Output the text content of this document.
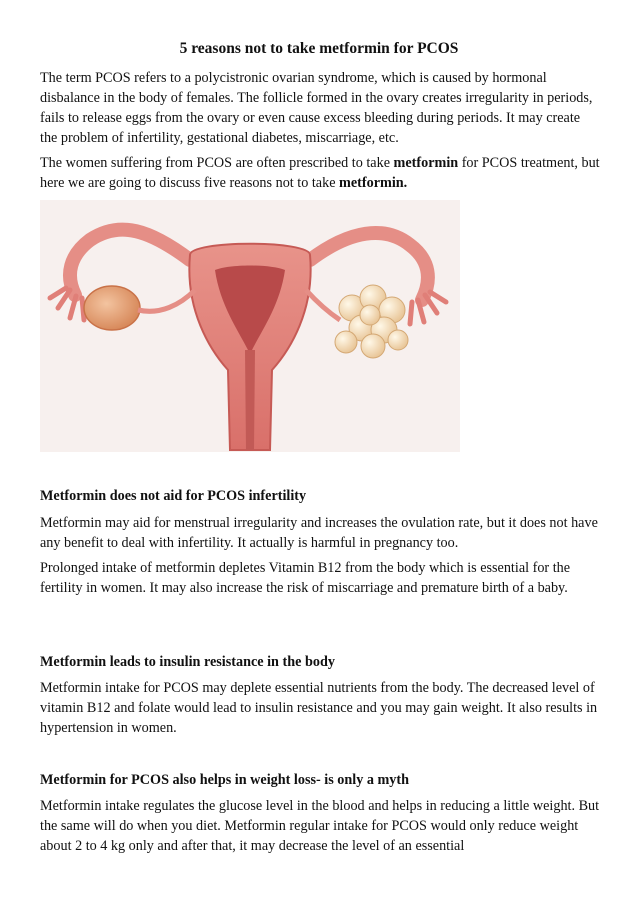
5 reasons not to take metformin for PCOS

The term PCOS refers to a polycistronic ovarian syndrome, which is caused by hormonal disbalance in the body of females. The follicle formed in the ovary creates irregularity in periods, fails to release eggs from the ovary or even cause excess bleeding during periods. It may create the problem of infertility, gestational diabetes, miscarriage, etc.

The women suffering from PCOS are often prescribed to take metformin for PCOS treatment, but here we are going to discuss five reasons not to take metformin.

Metformin does not aid for PCOS infertility

Metformin may aid for menstrual irregularity and increases the ovulation rate, but it does not have any benefit to deal with infertility. It actually is harmful in pregnancy too.

Prolonged intake of metformin depletes Vitamin B12 from the body which is essential for the fertility in women. It may also increase the risk of miscarriage and premature birth of a baby.

Metformin leads to insulin resistance in the body

Metformin intake for PCOS may deplete essential nutrients from the body. The decreased level of vitamin B12 and folate would lead to insulin resistance and you may gain weight. It also results in hypertension in women.

Metformin for PCOS also helps in weight loss- is only a myth

Metformin intake regulates the glucose level in the blood and helps in reducing a little weight. But the same will do when you diet. Metformin regular intake for PCOS would only reduce weight about 2 to 4 kg only and after that, it may decrease the level of an essential
